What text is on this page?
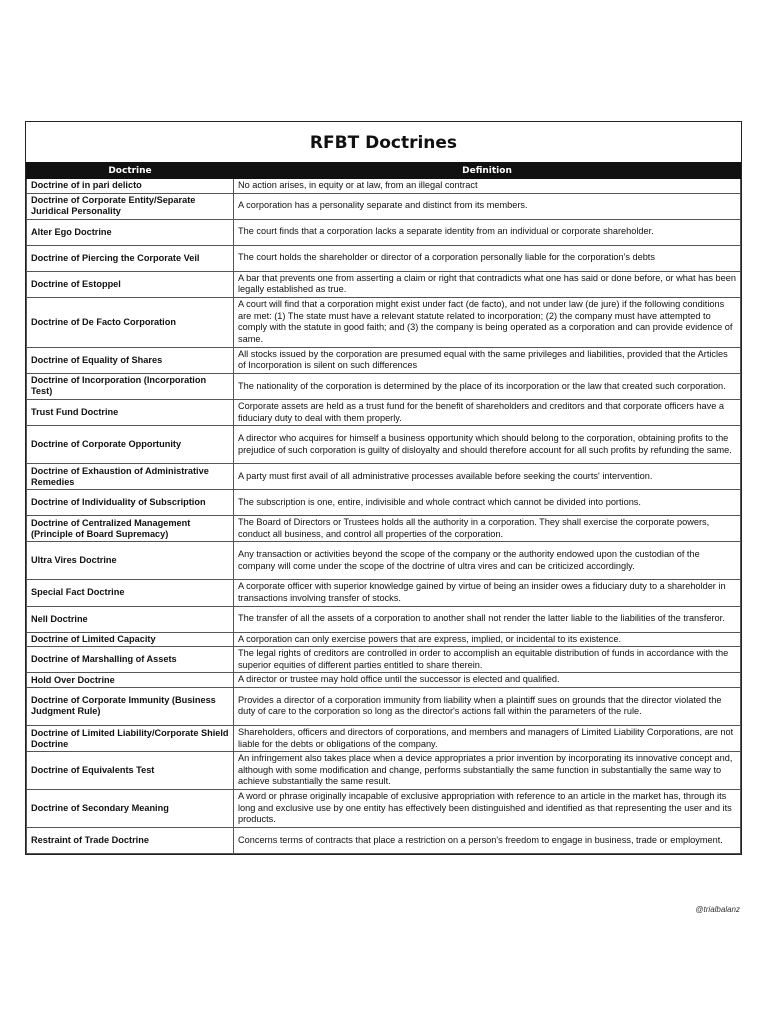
RFBT Doctrines
Doctrine	Definition
Doctrine of in pari delicto	No action arises, in equity or at law, from an illegal contract
Doctrine of Corporate Entity/Separate Juridical Personality	A corporation has a personality separate and distinct from its members.
Alter Ego Doctrine	The court finds that a corporation lacks a separate identity from an individual or corporate shareholder.
Doctrine of Piercing the Corporate Veil	The court holds the shareholder or director of a corporation personally liable for the corporation's debts
Doctrine of Estoppel	A bar that prevents one from asserting a claim or right that contradicts what one has said or done before, or what has been legally established as true.
Doctrine of De Facto Corporation	A court will find that a corporation might exist under fact (de facto), and not under law (de jure) if the following conditions are met: (1) The state must have a relevant statute related to incorporation; (2) the company must have attempted to comply with the statute in good faith; and (3) the company is being operated as a corporation and can provide evidence of same.
Doctrine of Equality of Shares	All stocks issued by the corporation are presumed equal with the same privileges and liabilities, provided that the Articles of Incorporation is silent on such differences
Doctrine of Incorporation (Incorporation Test)	The nationality of the corporation is determined by the place of its incorporation or the law that created such corporation.
Trust Fund Doctrine	Corporate assets are held as a trust fund for the benefit of shareholders and creditors and that corporate officers have a fiduciary duty to deal with them properly.
Doctrine of Corporate Opportunity	A director who acquires for himself a business opportunity which should belong to the corporation, obtaining profits to the prejudice of such corporation is guilty of disloyalty and should therefore account for all such profits by refunding the same.
Doctrine of Exhaustion of Administrative Remedies	A party must first avail of all administrative processes available before seeking the courts' intervention.
Doctrine of Individuality of Subscription	The subscription is one, entire, indivisible and whole contract which cannot be divided into portions.
Doctrine of Centralized Management (Principle of Board Supremacy)	The Board of Directors or Trustees holds all the authority in a corporation. They shall exercise the corporate powers, conduct all business, and control all properties of the corporation.
Ultra Vires Doctrine	Any transaction or activities beyond the scope of the company or the authority endowed upon the custodian of the company will come under the scope of the doctrine of ultra vires and can be criticized accordingly.
Special Fact Doctrine	A corporate officer with superior knowledge gained by virtue of being an insider owes a fiduciary duty to a shareholder in transactions involving transfer of stocks.
Nell Doctrine	The transfer of all the assets of a corporation to another shall not render the latter liable to the liabilities of the transferor.
Doctrine of Limited Capacity	A corporation can only exercise powers that are express, implied, or incidental to its existence.
Doctrine of Marshalling of Assets	The legal rights of creditors are controlled in order to accomplish an equitable distribution of funds in accordance with the superior equities of different parties entitled to share therein.
Hold Over Doctrine	A director or trustee may hold office until the successor is elected and qualified.
Doctrine of Corporate Immunity (Business Judgment Rule)	Provides a director of a corporation immunity from liability when a plaintiff sues on grounds that the director violated the duty of care to the corporation so long as the director's actions fall within the parameters of the rule.
Doctrine of Limited Liability/Corporate Shield Doctrine	Shareholders, officers and directors of corporations, and members and managers of Limited Liability Corporations, are not liable for the debts or obligations of the company.
Doctrine of Equivalents Test	An infringement also takes place when a device appropriates a prior invention by incorporating its innovative concept and, although with some modification and change, performs substantially the same function in substantially the same way to achieve substantially the same result.
Doctrine of Secondary Meaning	A word or phrase originally incapable of exclusive appropriation with reference to an article in the market has, through its long and exclusive use by one entity has effectively been distinguished and identified as that representing the user and its products.
Restraint of Trade Doctrine	Concerns terms of contracts that place a restriction on a person's freedom to engage in business, trade or employment.
@trialbalanz
